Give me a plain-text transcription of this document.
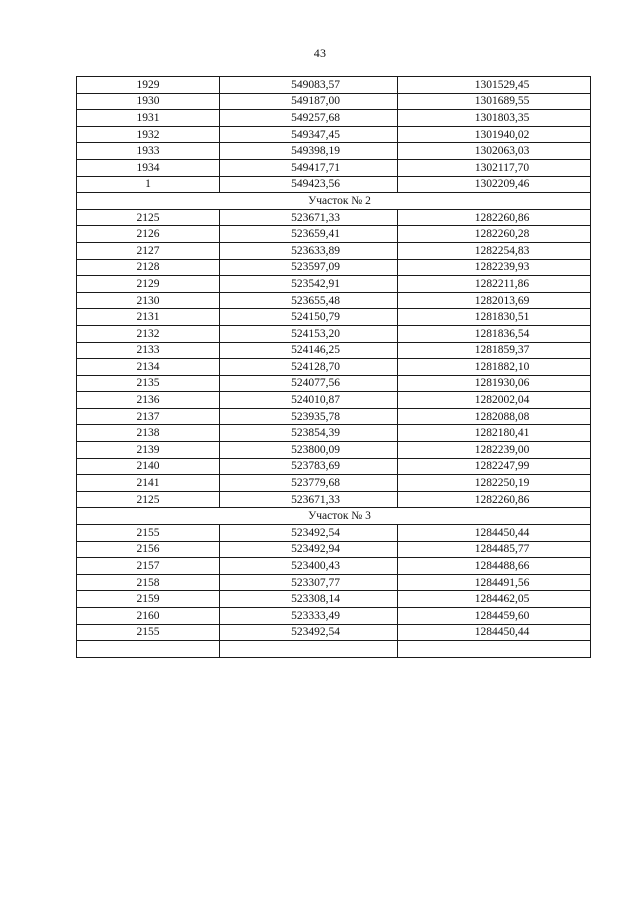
43
1929	549083,57	1301529,45
1930	549187,00	1301689,55
1931	549257,68	1301803,35
1932	549347,45	1301940,02
1933	549398,19	1302063,03
1934	549417,71	1302117,70
1	549423,56	1302209,46
Участок № 2		
2125	523671,33	1282260,86
2126	523659,41	1282260,28
2127	523633,89	1282254,83
2128	523597,09	1282239,93
2129	523542,91	1282211,86
2130	523655,48	1282013,69
2131	524150,79	1281830,51
2132	524153,20	1281836,54
2133	524146,25	1281859,37
2134	524128,70	1281882,10
2135	524077,56	1281930,06
2136	524010,87	1282002,04
2137	523935,78	1282088,08
2138	523854,39	1282180,41
2139	523800,09	1282239,00
2140	523783,69	1282247,99
2141	523779,68	1282250,19
2125	523671,33	1282260,86
Участок № 3		
2155	523492,54	1284450,44
2156	523492,94	1284485,77
2157	523400,43	1284488,66
2158	523307,77	1284491,56
2159	523308,14	1284462,05
2160	523333,49	1284459,60
2155	523492,54	1284450,44
